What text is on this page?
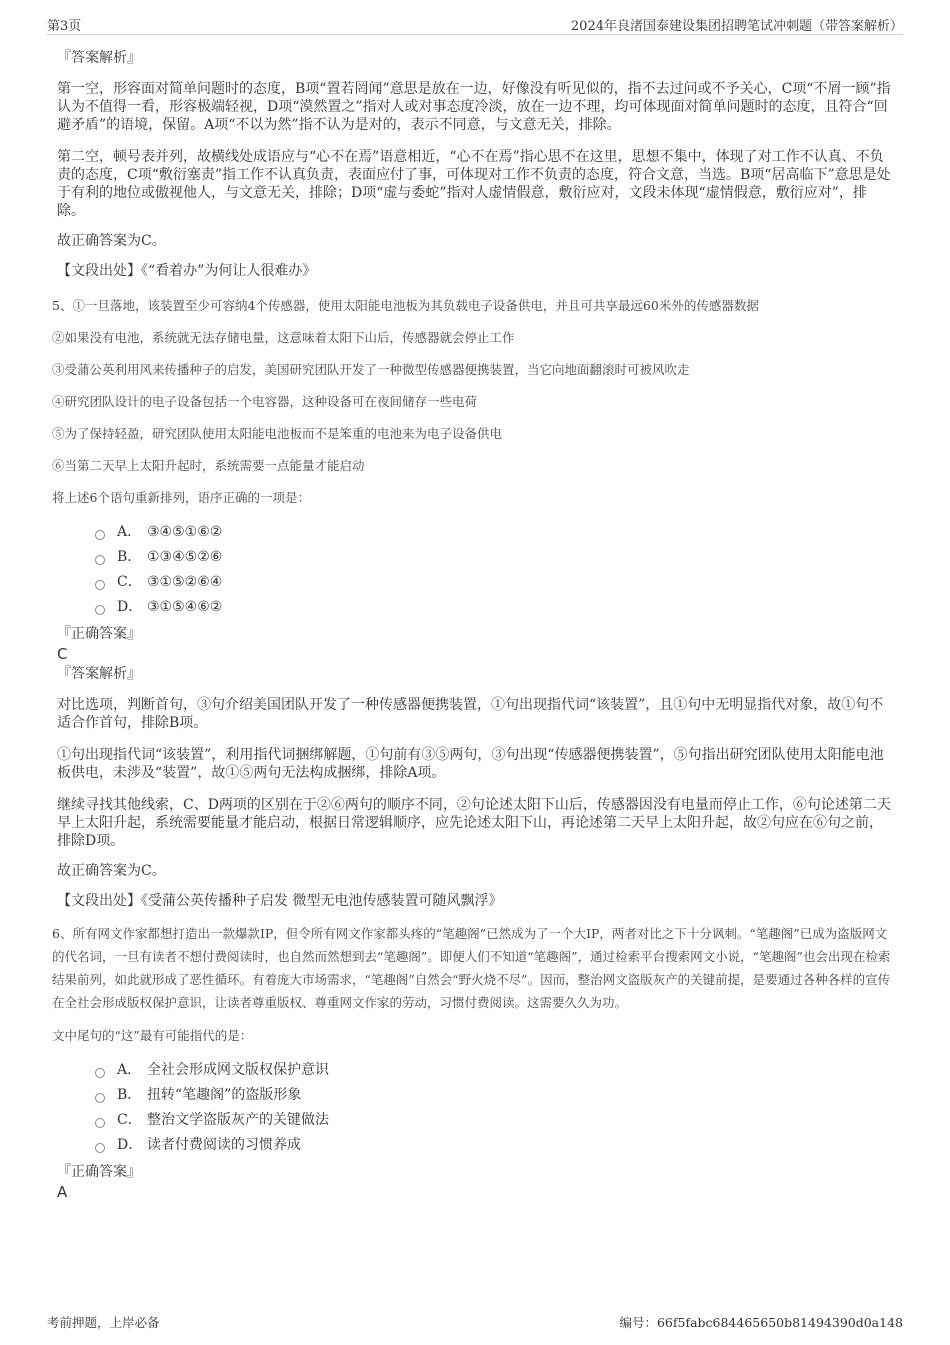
第3页	2024年良渚国泰建设集团招聘笔试冲刺题（带答案解析）

『答案解析』

第一空，形容面对简单问题时的态度，B项“置若罔闻”意思是放在一边，好像没有听见似的，指不去过问或不予关心，C项“不屑一顾”指认为不值得一看，形容极端轻视，D项“漠然置之”指对人或对事态度冷淡，放在一边不理，均可体现面对简单问题时的态度，且符合“回避矛盾”的语境，保留。A项“不以为然”指不认为是对的，表示不同意，与文意无关，排除。

第二空，顿号表并列，故横线处成语应与“心不在焉”语意相近，“心不在焉”指心思不在这里，思想不集中，体现了对工作不认真、不负责的态度，C项“敷衍塞责”指工作不认真负责，表面应付了事，可体现对工作不负责的态度，符合文意，当选。B项“居高临下”意思是处于有利的地位或傲视他人，与文意无关，排除；D项“虚与委蛇”指对人虚情假意，敷衍应对，文段未体现“虚情假意，敷衍应对”，排除。

故正确答案为C。

【文段出处】《“看着办”为何让人很难办》

5、①一旦落地，该装置至少可容纳4个传感器，使用太阳能电池板为其负载电子设备供电，并且可共享最远60米外的传感器数据

②如果没有电池，系统就无法存储电量，这意味着太阳下山后，传感器就会停止工作

③受蒲公英利用风来传播种子的启发，美国研究团队开发了一种微型传感器便携装置，当它向地面翻滚时可被风吹走

④研究团队设计的电子设备包括一个电容器，这种设备可在夜间储存一些电荷

⑤为了保持轻盈，研究团队使用太阳能电池板而不是笨重的电池来为电子设备供电

⑥当第二天早上太阳升起时，系统需要一点能量才能启动

将上述6个语句重新排列，语序正确的一项是：

A． ③④⑤①⑥②
B． ①③④⑤②⑥
C． ③①⑤②⑥④
D． ③①⑤④⑥②

『正确答案』

C

『答案解析』

对比选项，判断首句，③句介绍美国团队开发了一种传感器便携装置，①句出现指代词“该装置”，且①句中无明显指代对象，故①句不适合作首句，排除B项。

①句出现指代词“该装置”，利用指代词捆绑解题，①句前有③⑤两句，③句出现“传感器便携装置”，⑤句指出研究团队使用太阳能电池板供电，未涉及“装置”，故①⑤两句无法构成捆绑，排除A项。

继续寻找其他线索，C、D两项的区别在于②⑥两句的顺序不同，②句论述太阳下山后，传感器因没有电量而停止工作，⑥句论述第二天早上太阳升起，系统需要能量才能启动，根据日常逻辑顺序，应先论述太阳下山，再论述第二天早上太阳升起，故②句应在⑥句之前，排除D项。

故正确答案为C。

【文段出处】《受蒲公英传播种子启发 微型无电池传感装置可随风飘浮》

6、所有网文作家都想打造出一款爆款IP，但令所有网文作家都头疼的“笔趣阁”已然成为了一个大IP，两者对比之下十分讽刺。“笔趣阁”已成为盗版网文的代名词，一旦有读者不想付费阅读时，也自然而然想到去“笔趣阁”。即便人们不知道“笔趣阁”，通过检索平台搜索网文小说，“笔趣阁”也会出现在检索结果前列，如此就形成了恶性循环。有着庞大市场需求，“笔趣阁”自然会“野火烧不尽”。因而，整治网文盗版灰产的关键前提，是要通过各种各样的宣传在全社会形成版权保护意识，让读者尊重版权、尊重网文作家的劳动，习惯付费阅读。这需要久久为功。

文中尾句的“这”最有可能指代的是：

A． 全社会形成网文版权保护意识
B． 扭转“笔趣阁”的盗版形象
C． 整治文学盗版灰产的关键做法
D． 读者付费阅读的习惯养成

『正确答案』

A

考前押题，上岸必备	编号：66f5fabc684465650b81494390d0a148
